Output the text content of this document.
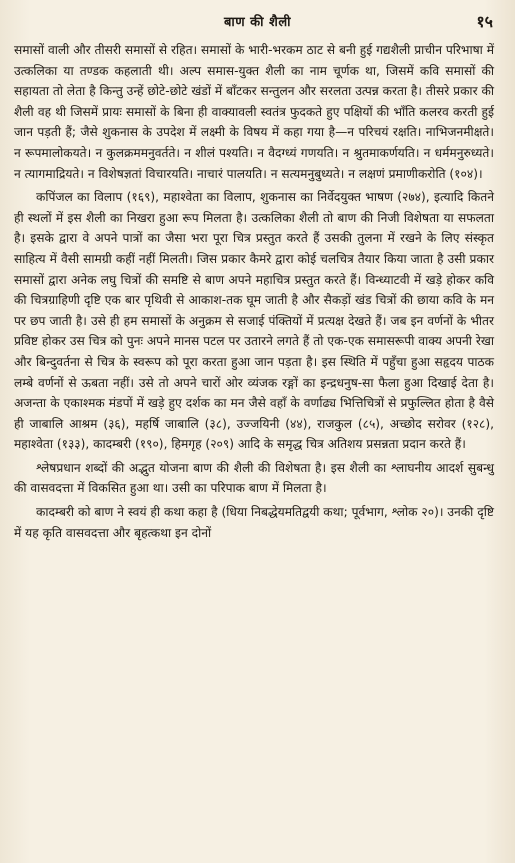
बाण की शैली	१५

समासों वाली और तीसरी समासों से रहित। समासों के भारी-भरकम ठाट से बनी हुई गद्यशैली प्राचीन परिभाषा में उत्कलिका या तण्डक कहलाती थी। अल्प समास-युक्त शैली का नाम चूर्णक था, जिसमें कवि समासों की सहायता तो लेता है किन्तु उन्हें छोटे-छोटे खंडों में बाँटकर सन्तुलन और सरलता उत्पन्न करता है। तीसरे प्रकार की शैली वह थी जिसमें प्रायः समासों के बिना ही वाक्यावली स्वतंत्र फुदकते हुए पक्षियों की भाँति कलरव करती हुई जान पड़ती हैं; जैसे शुकनास के उपदेश में लक्ष्मी के विषय में कहा गया है—न परिचयं रक्षति। नाभिजनमीक्षते। न रूपमालोकयते। न कुलक्रममनुवर्तते। न शीलं पश्यति। न वैदग्ध्यं गणयति। न श्रुतमाकर्णयति। न धर्ममनुरुध्यते। न त्यागमाद्रियते। न विशेषज्ञतां विचारयति। नाचारं पालयति। न सत्यमनुबुध्यते। न लक्षणं प्रमाणीकरोति (१०४)।

कपिंजल का विलाप (१६९), महाश्वेता का विलाप, शुकनास का निर्वेदयुक्त भाषण (२७४), इत्यादि कितने ही स्थलों में इस शैली का निखरा हुआ रूप मिलता है। उत्कलिका शैली तो बाण की निजी विशेषता या सफलता है। इसके द्वारा वे अपने पात्रों का जैसा भरा पूरा चित्र प्रस्तुत करते हैं उसकी तुलना में रखने के लिए संस्कृत साहित्य में वैसी सामग्री कहीं नहीं मिलती। जिस प्रकार कैमरे द्वारा कोई चलचित्र तैयार किया जाता है उसी प्रकार समासों द्वारा अनेक लघु चित्रों की समष्टि से बाण अपने महाचित्र प्रस्तुत करते हैं। विन्ध्याटवी में खड़े होकर कवि की चित्रग्राहिणी दृष्टि एक बार पृथिवी से आकाश-तक घूम जाती है और सैकड़ों खंड चित्रों की छाया कवि के मन पर छप जाती है। उसे ही हम समासों के अनुक्रम से सजाई पंक्तियों में प्रत्यक्ष देखते हैं। जब इन वर्णनों के भीतर प्रविष्ट होकर उस चित्र को पुनः अपने मानस पटल पर उतारने लगते हैं तो एक-एक समासरूपी वाक्य अपनी रेखा और बिन्दुवर्तना से चित्र के स्वरूप को पूरा करता हुआ जान पड़ता है। इस स्थिति में पहुँचा हुआ सहृदय पाठक लम्बे वर्णनों से ऊबता नहीं। उसे तो अपने चारों ओर व्यंजक रङ्गों का इन्द्रधनुष-सा फैला हुआ दिखाई देता है। अजन्ता के एकाश्मक मंडपों में खड़े हुए दर्शक का मन जैसे वहाँ के वर्णाढ्य भित्तिचित्रों से प्रफुल्लित होता है वैसे ही जाबालि आश्रम (३६), महर्षि जाबालि (३८), उज्जयिनी (४४), राजकुल (८५), अच्छोद सरोवर (१२८), महाश्वेता (१३३), कादम्बरी (१९०), हिमगृह (२०९) आदि के समृद्ध चित्र अतिशय प्रसन्नता प्रदान करते हैं।

श्लेषप्रधान शब्दों की अद्भुत योजना बाण की शैली की विशेषता है। इस शैली का श्लाघनीय आदर्श सुबन्धु की वासवदत्ता में विकसित हुआ था। उसी का परिपाक बाण में मिलता है।

कादम्बरी को बाण ने स्वयं ही कथा कहा है (धिया निबद्धेयमतिद्वयी कथा; पूर्वभाग, श्लोक २०)। उनकी दृष्टि में यह कृति वासवदत्ता और बृहत्कथा इन दोनों
